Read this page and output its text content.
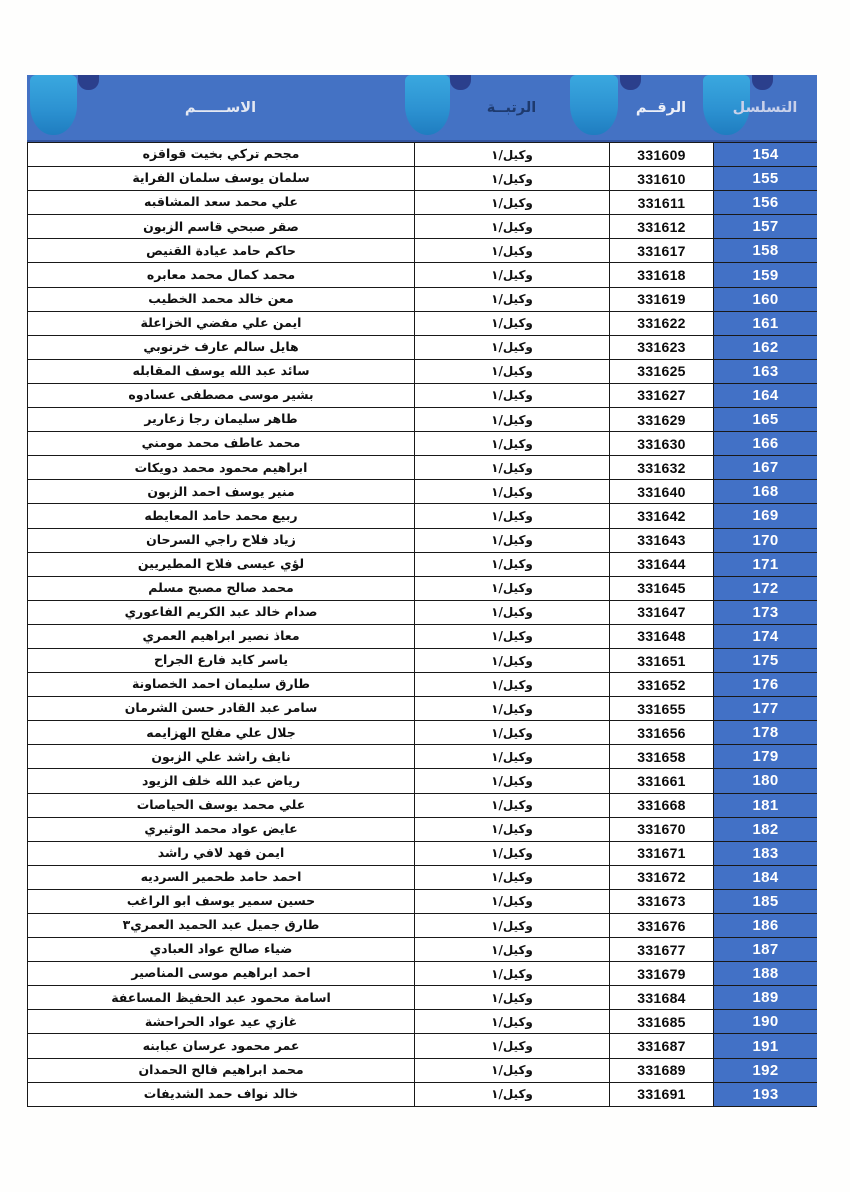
التسلسل
الرقــم
الرتبــة
الاســــــم
154
331609
وكيل/١
مجحم تركي بخيت قواقزه
155
331610
وكيل/١
سلمان يوسف سلمان الفراية
156
331611
وكيل/١
علي محمد سعد المشاقبه
157
331612
وكيل/١
صقر صبحي قاسم الزبون
158
331617
وكيل/١
حاكم حامد عيادة القنيص
159
331618
وكيل/١
محمد كمال محمد معابره
160
331619
وكيل/١
معن خالد محمد الخطيب
161
331622
وكيل/١
ايمن علي مفضي الخزاعلة
162
331623
وكيل/١
هايل سالم عارف خرنوبي
163
331625
وكيل/١
سائد عبد الله يوسف المقابله
164
331627
وكيل/١
بشير موسى مصطفى عسادوه
165
331629
وكيل/١
طاهر سليمان رجا زعارير
166
331630
وكيل/١
محمد عاطف محمد مومني
167
331632
وكيل/١
ابراهيم محمود محمد دويكات
168
331640
وكيل/١
منير يوسف احمد الزبون
169
331642
وكيل/١
ربيع محمد حامد المعايطه
170
331643
وكيل/١
زياد فلاح راجي السرحان
171
331644
وكيل/١
لؤي عيسى فلاح المطيريين
172
331645
وكيل/١
محمد صالح مصبح مسلم
173
331647
وكيل/١
صدام خالد عبد الكريم الفاعوري
174
331648
وكيل/١
معاذ نصير ابراهيم العمري
175
331651
وكيل/١
ياسر كايد فارع الجراح
176
331652
وكيل/١
طارق سليمان احمد الخصاونة
177
331655
وكيل/١
سامر عبد القادر حسن الشرمان
178
331656
وكيل/١
جلال علي مفلح الهزايمه
179
331658
وكيل/١
نايف راشد علي الزبون
180
331661
وكيل/١
رياض عبد الله خلف الزيود
181
331668
وكيل/١
علي محمد يوسف الحياصات
182
331670
وكيل/١
عايض عواد محمد الوثيري
183
331671
وكيل/١
ايمن فهد لافي راشد
184
331672
وكيل/١
احمد حامد طحمير السرديه
185
331673
وكيل/١
حسين سمير يوسف ابو الراغب
186
331676
وكيل/١
طارق جميل عبد الحميد العمري٣
187
331677
وكيل/١
ضياء صالح عواد العبادي
188
331679
وكيل/١
احمد ابراهيم موسى المناصير
189
331684
وكيل/١
اسامة محمود عبد الحفيظ المساعفة
190
331685
وكيل/١
غازي عيد عواد الحراحشة
191
331687
وكيل/١
عمر محمود عرسان عبابنه
192
331689
وكيل/١
محمد ابراهيم فالح الحمدان
193
331691
وكيل/١
خالد نواف حمد الشديفات
